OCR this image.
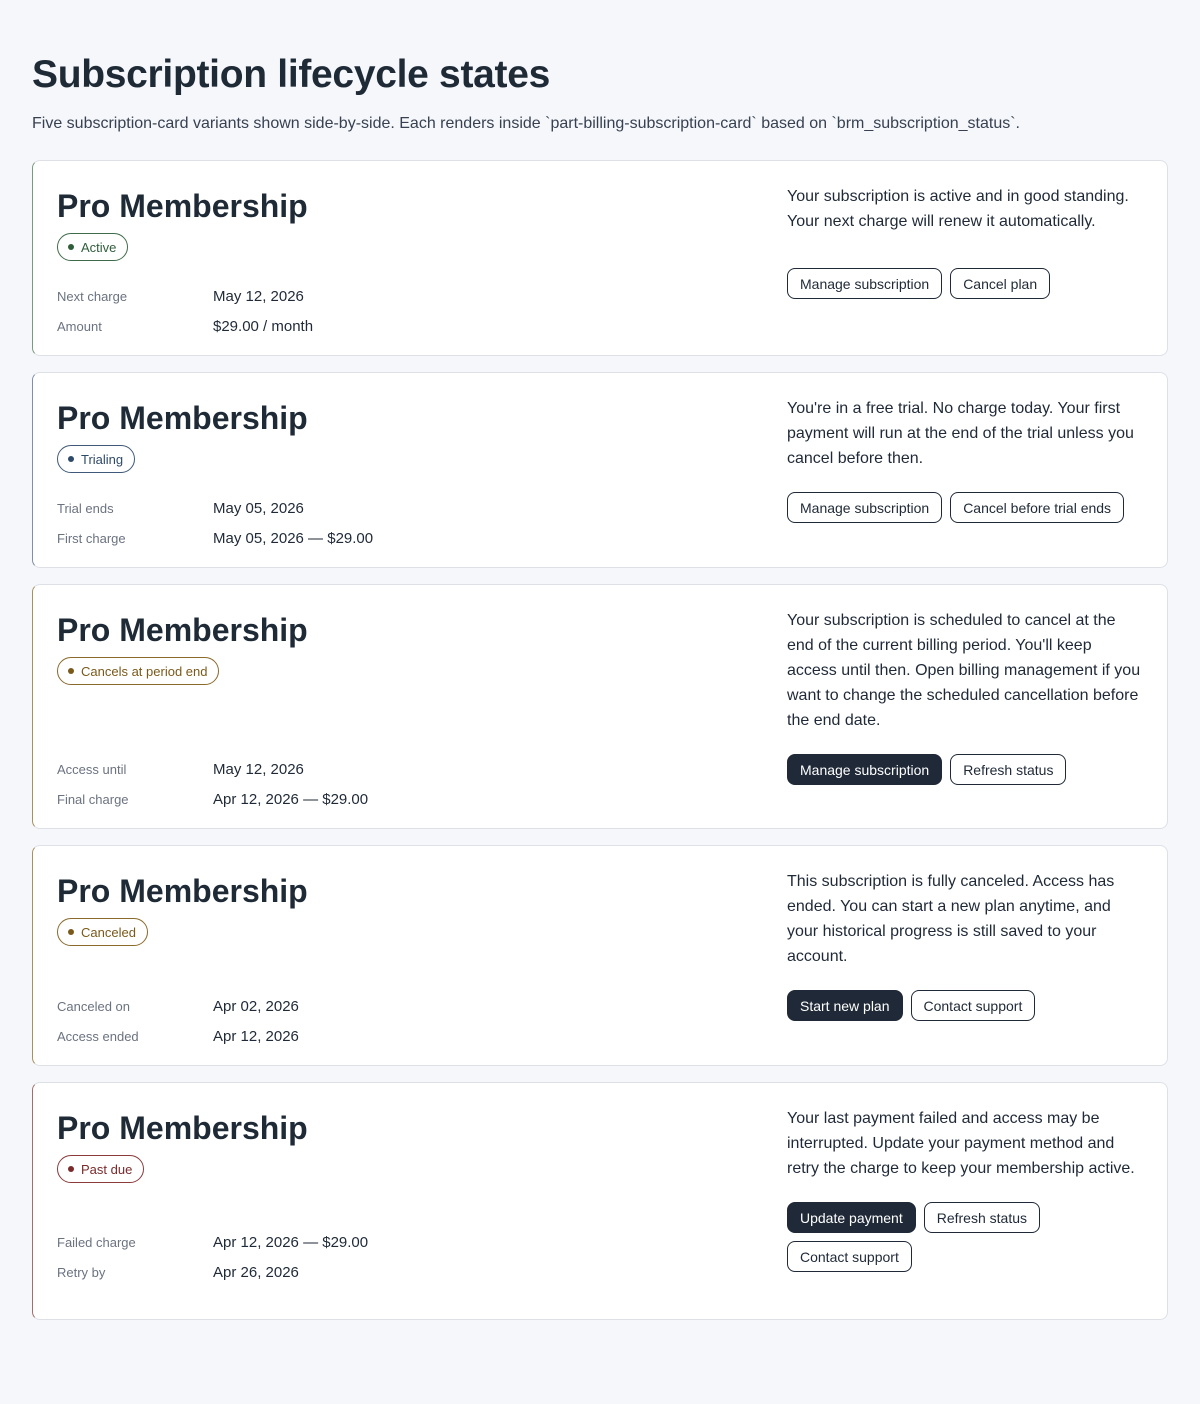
Subscription lifecycle states

Five subscription-card variants shown side-by-side. Each renders inside `part-billing-subscription-card` based on `brm_subscription_status`.

Pro Membership
Active
Next charge	May 12, 2026
Amount	$29.00 / month

Your subscription is active and in good standing. Your next charge will renew it automatically.

Manage subscription	Cancel plan
Pro Membership
Trialing
Trial ends	May 05, 2026
First charge	May 05, 2026 — $29.00

You're in a free trial. No charge today. Your first payment will run at the end of the trial unless you cancel before then.

Manage subscription	Cancel before trial ends
Pro Membership
Cancels at period end
Access until	May 12, 2026
Final charge	Apr 12, 2026 — $29.00

Your subscription is scheduled to cancel at the end of the current billing period. You'll keep access until then. Open billing management if you want to change the scheduled cancellation before the end date.

Manage subscription	Refresh status
Pro Membership
Canceled
Canceled on	Apr 02, 2026
Access ended	Apr 12, 2026

This subscription is fully canceled. Access has ended. You can start a new plan anytime, and your historical progress is still saved to your account.

Start new plan	Contact support
Pro Membership
Past due
Failed charge	Apr 12, 2026 — $29.00
Retry by	Apr 26, 2026

Your last payment failed and access may be interrupted. Update your payment method and retry the charge to keep your membership active.

Update payment	Refresh status
Contact support
